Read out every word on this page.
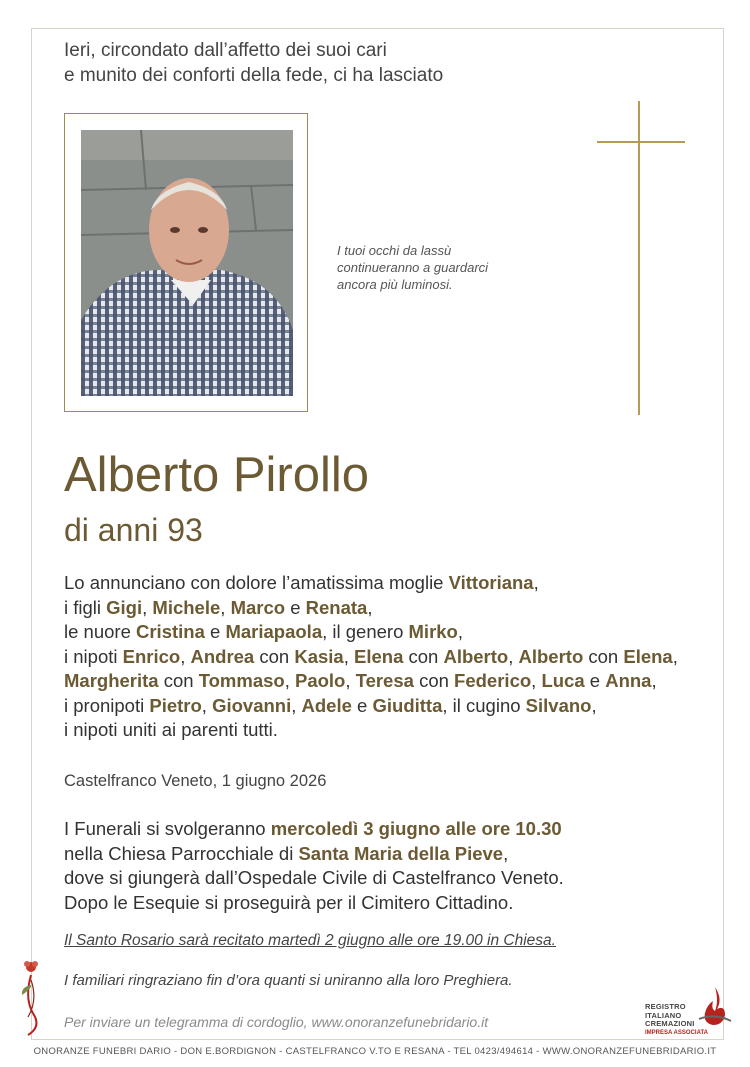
Ieri, circondato dall’affetto dei suoi cari
e munito dei conforti della fede, ci ha lasciato
I tuoi occhi da lassù
continueranno a guardarci
ancora più luminosi.
Alberto Pirollo
di anni 93
Lo annunciano con dolore l’amatissima moglie Vittoriana,
i figli Gigi, Michele, Marco e Renata,
le nuore Cristina e Mariapaola, il genero Mirko,
i nipoti Enrico, Andrea con Kasia, Elena con Alberto, Alberto con Elena,
Margherita con Tommaso, Paolo, Teresa con Federico, Luca e Anna,
i pronipoti Pietro, Giovanni, Adele e Giuditta, il cugino Silvano,
i nipoti uniti ai parenti tutti.
Castelfranco Veneto, 1 giugno 2026
I Funerali si svolgeranno mercoledì 3 giugno alle ore 10.30
nella Chiesa Parrocchiale di Santa Maria della Pieve,
dove si giungerà dall’Ospedale Civile di Castelfranco Veneto.
Dopo le Esequie si proseguirà per il Cimitero Cittadino.
Il Santo Rosario sarà recitato martedì 2 giugno alle ore 19.00 in Chiesa.
I familiari ringraziano fin d’ora quanti si uniranno alla loro Preghiera.
Per inviare un telegramma di cordoglio, www.onoranzefunebridario.it
REGISTRO
ITALIANO
CREMAZIONI
IMPRESA ASSOCIATA
ONORANZE FUNEBRI DARIO - DON E.BORDIGNON - CASTELFRANCO V.TO E RESANA - TEL 0423/494614 - WWW.ONORANZEFUNEBRIDARIO.IT
